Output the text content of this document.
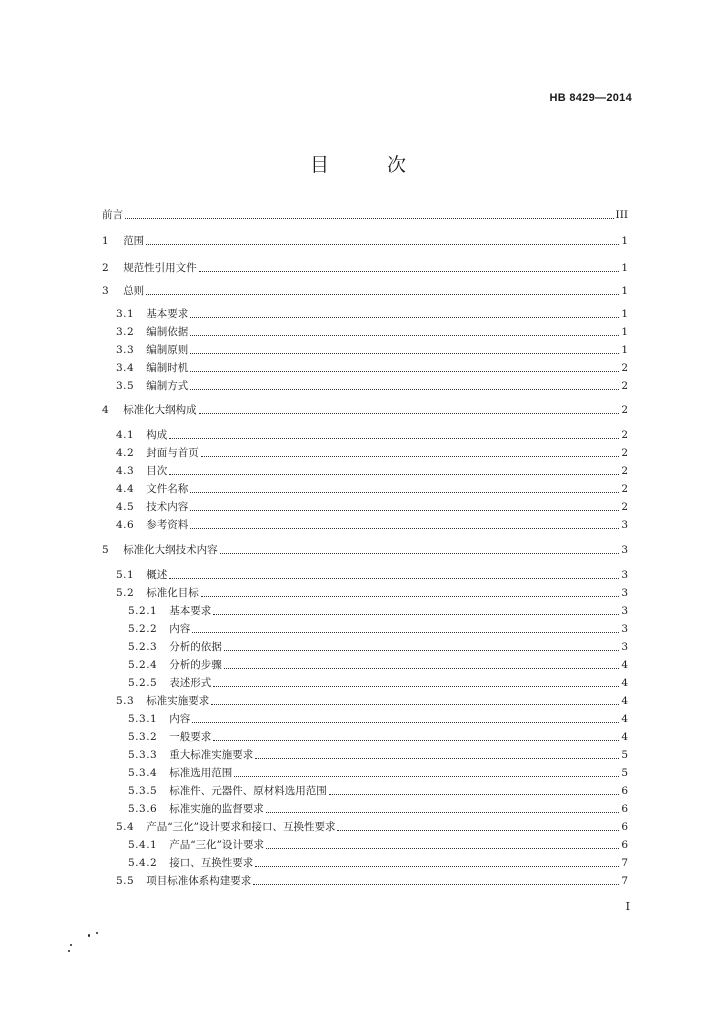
HB 8429—2014
目 次
前言	III
1 范围	1
2 规范性引用文件	1
3 总则	1
3.1 基本要求	1
3.2 编制依据	1
3.3 编制原则	1
3.4 编制时机	2
3.5 编制方式	2
4 标准化大纲构成	2
4.1 构成	2
4.2 封面与首页	2
4.3 目次	2
4.4 文件名称	2
4.5 技术内容	2
4.6 参考资料	3
5 标准化大纲技术内容	3
5.1 概述	3
5.2 标准化目标	3
5.2.1 基本要求	3
5.2.2 内容	3
5.2.3 分析的依据	3
5.2.4 分析的步骤	4
5.2.5 表述形式	4
5.3 标准实施要求	4
5.3.1 内容	4
5.3.2 一般要求	4
5.3.3 重大标准实施要求	5
5.3.4 标准选用范围	5
5.3.5 标准件、元器件、原材料选用范围	6
5.3.6 标准实施的监督要求	6
5.4 产品“三化”设计要求和接口、互换性要求	6
5.4.1 产品“三化”设计要求	6
5.4.2 接口、互换性要求	7
5.5 项目标准体系构建要求	7
I
